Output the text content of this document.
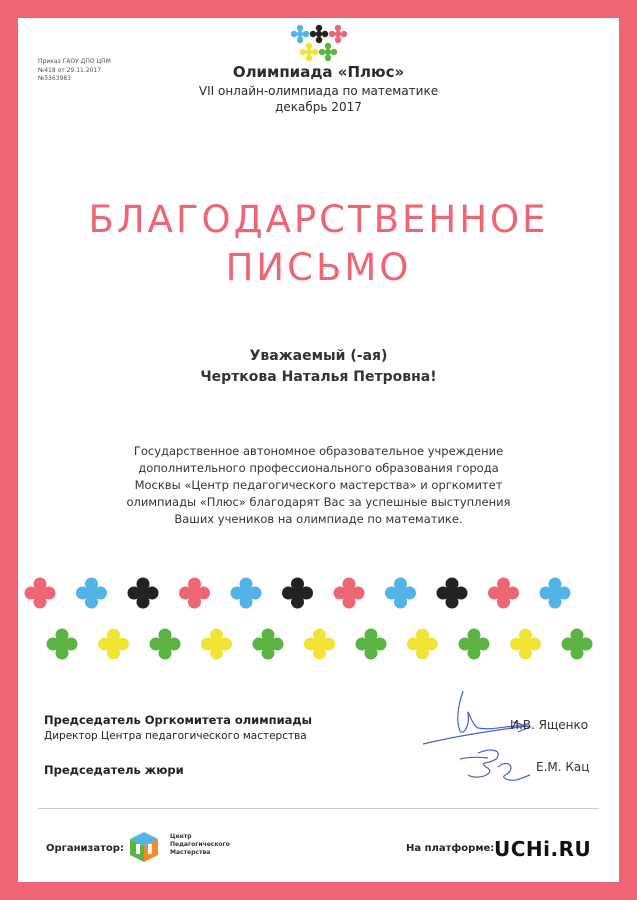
Приказ ГАОУ ДПО ЦПМ
№418 от 29.11.2017
№5363983	Олимпиада «Плюс»
VII онлайн-олимпиада по математике
декабрь 2017
БЛАГОДАРСТВЕННОЕ
ПИСЬМО
Уважаемый (-ая)
Черткова Наталья Петровна!
Государственное автономное образовательное учреждение
дополнительного профессионального образования города
Москвы «Центр педагогического мастерства» и оргкомитет
олимпиады «Плюс» благодарят Вас за успешные выступления
Ваших учеников на олимпиаде по математике.
Председатель Оргкомитета олимпиады
Директор Центра педагогического мастерства
Председатель жюри
И.В. Ященко
Е.М. Кац
Организатор:
Центр
Педагогического
Мастерства	На платформе: UCHi.RU
